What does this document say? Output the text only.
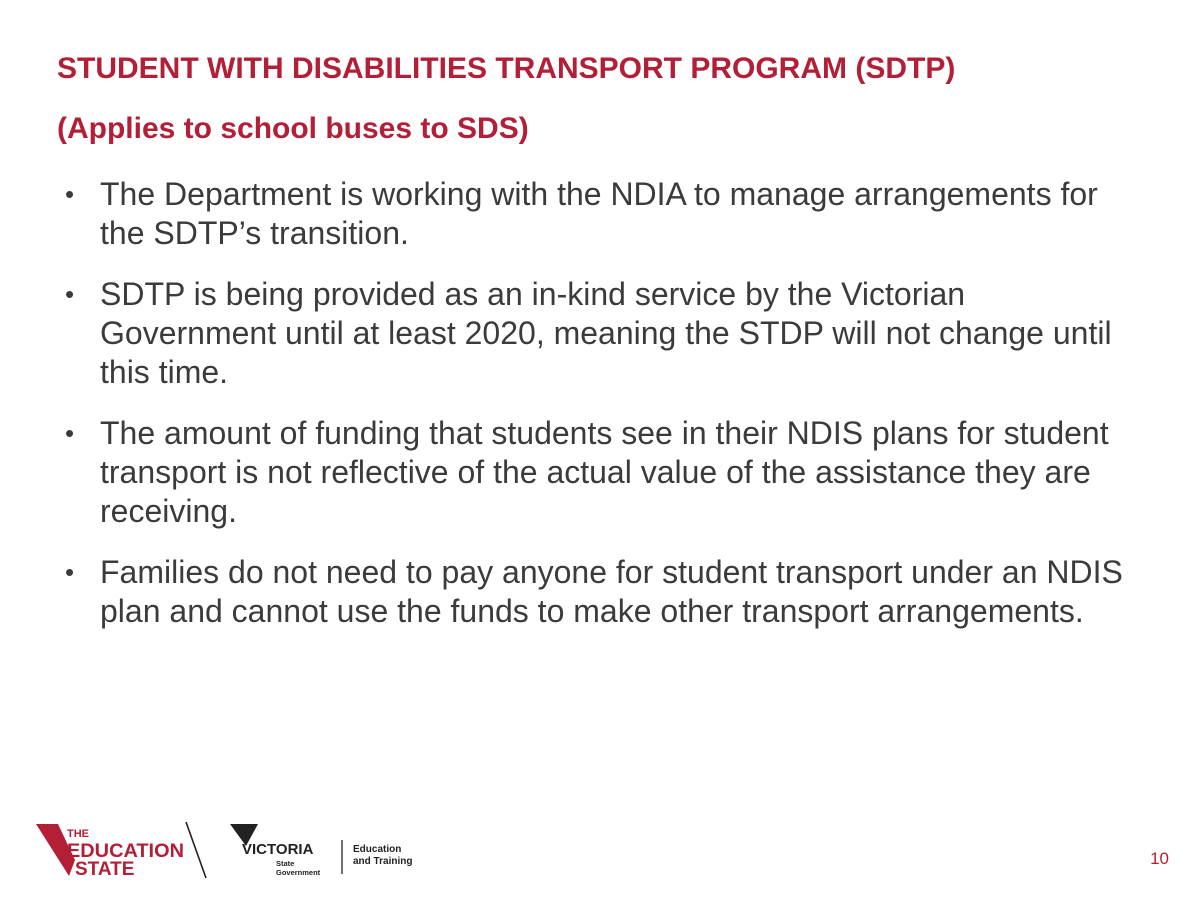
STUDENT WITH DISABILITIES TRANSPORT PROGRAM (SDTP)
(Applies to school buses to SDS)
• The Department is working with the NDIA to manage arrangements for the SDTP’s transition.
• SDTP is being provided as an in-kind service by the Victorian Government until at least 2020, meaning the STDP will not change until this time.
• The amount of funding that students see in their NDIS plans for student transport is not reflective of the actual value of the assistance they are receiving.
• Families do not need to pay anyone for student transport under an NDIS plan and cannot use the funds to make other transport arrangements.
THE
EDUCATION
STATE
VICTORIA
State
Government
Education
and Training	10
